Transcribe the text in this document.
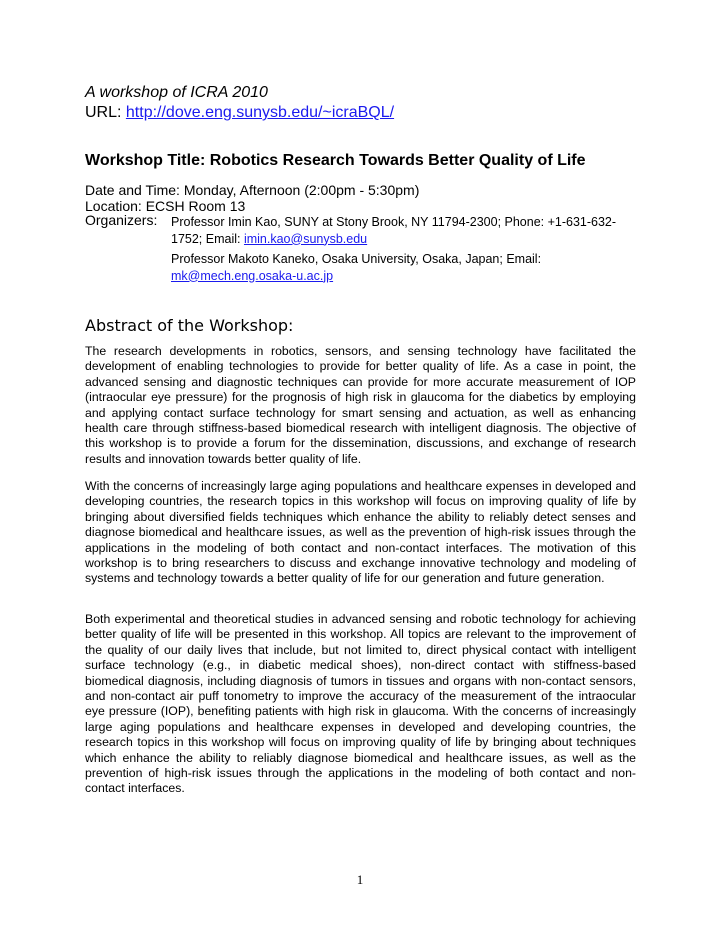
A workshop of ICRA 2010
URL: http://dove.eng.sunysb.edu/~icraBQL/
Workshop Title: Robotics Research Towards Better Quality of Life
Date and Time: Monday, Afternoon (2:00pm - 5:30pm)
Location: ECSH Room 13
Organizers: Professor Imin Kao, SUNY at Stony Brook, NY 11794-2300; Phone: +1-631-632-1752; Email: imin.kao@sunysb.edu
Professor Makoto Kaneko, Osaka University, Osaka, Japan; Email: mk@mech.eng.osaka-u.ac.jp
Abstract of the Workshop:
The research developments in robotics, sensors, and sensing technology have facilitated the development of enabling technologies to provide for better quality of life. As a case in point, the advanced sensing and diagnostic techniques can provide for more accurate measurement of IOP (intraocular eye pressure) for the prognosis of high risk in glaucoma for the diabetics by employing and applying contact surface technology for smart sensing and actuation, as well as enhancing health care through stiffness-based biomedical research with intelligent diagnosis. The objective of this workshop is to provide a forum for the dissemination, discussions, and exchange of research results and innovation towards better quality of life.
With the concerns of increasingly large aging populations and healthcare expenses in developed and developing countries, the research topics in this workshop will focus on improving quality of life by bringing about diversified fields techniques which enhance the ability to reliably detect senses and diagnose biomedical and healthcare issues, as well as the prevention of high-risk issues through the applications in the modeling of both contact and non-contact interfaces. The motivation of this workshop is to bring researchers to discuss and exchange innovative technology and modeling of systems and technology towards a better quality of life for our generation and future generation.
Both experimental and theoretical studies in advanced sensing and robotic technology for achieving better quality of life will be presented in this workshop. All topics are relevant to the improvement of the quality of our daily lives that include, but not limited to, direct physical contact with intelligent surface technology (e.g., in diabetic medical shoes), non-direct contact with stiffness-based biomedical diagnosis, including diagnosis of tumors in tissues and organs with non-contact sensors, and non-contact air puff tonometry to improve the accuracy of the measurement of the intraocular eye pressure (IOP), benefiting patients with high risk in glaucoma. With the concerns of increasingly large aging populations and healthcare expenses in developed and developing countries, the research topics in this workshop will focus on improving quality of life by bringing about techniques which enhance the ability to reliably diagnose biomedical and healthcare issues, as well as the prevention of high-risk issues through the applications in the modeling of both contact and non-contact interfaces.
1
